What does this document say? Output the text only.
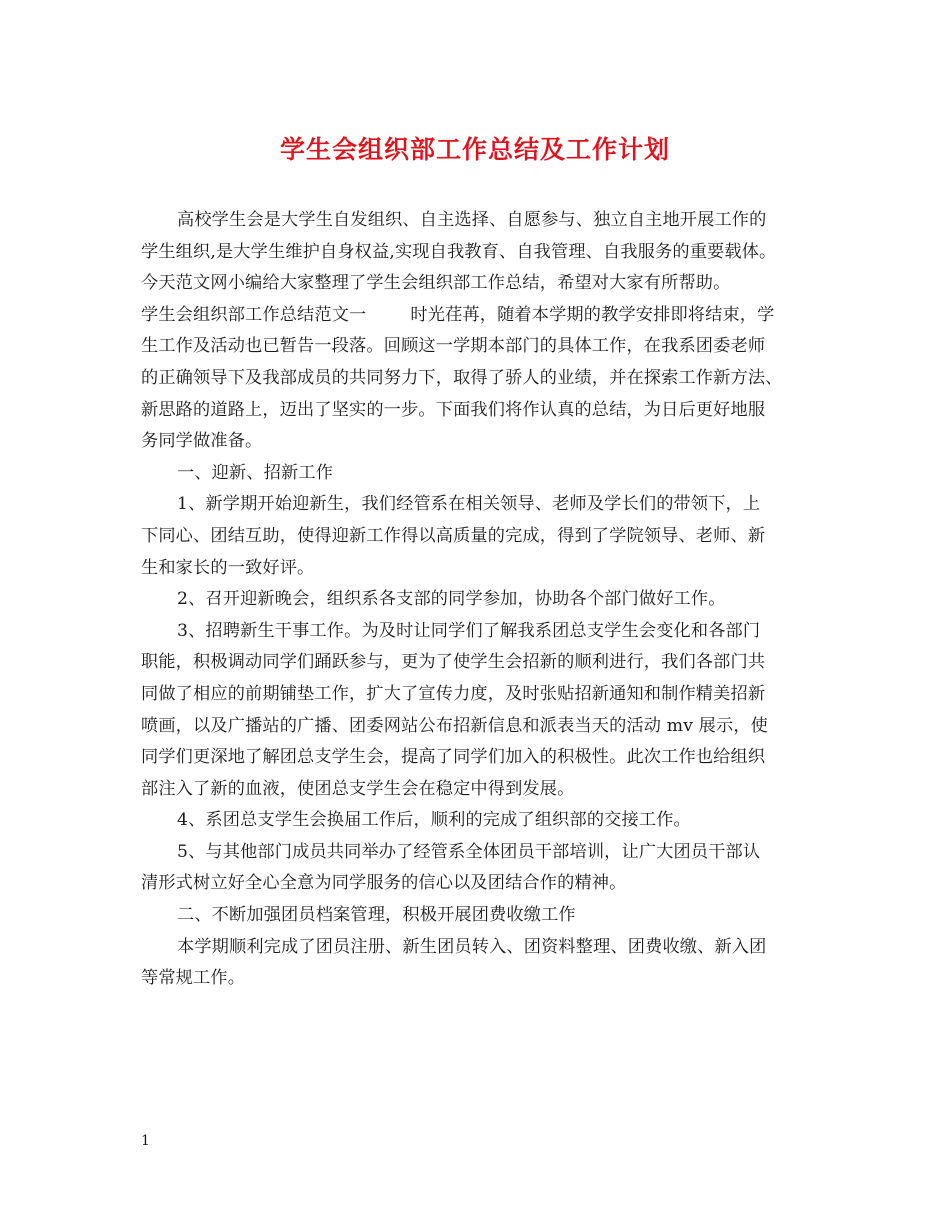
学生会组织部工作总结及工作计划
高校学生会是大学生自发组织、自主选择、自愿参与、独立自主地开展工作的
学生组织,是大学生维护自身权益,实现自我教育、自我管理、自我服务的重要载体。
今天范文网小编给大家整理了学生会组织部工作总结，希望对大家有所帮助。
学生会组织部工作总结范文一	时光荏苒，随着本学期的教学安排即将结束，学
生工作及活动也已暂告一段落。回顾这一学期本部门的具体工作，在我系团委老师
的正确领导下及我部成员的共同努力下，取得了骄人的业绩，并在探索工作新方法、
新思路的道路上，迈出了坚实的一步。下面我们将作认真的总结，为日后更好地服
务同学做准备。
一、迎新、招新工作
1、新学期开始迎新生，我们经管系在相关领导、老师及学长们的带领下，上
下同心、团结互助，使得迎新工作得以高质量的完成，得到了学院领导、老师、新
生和家长的一致好评。
2、召开迎新晚会，组织系各支部的同学参加，协助各个部门做好工作。
3、招聘新生干事工作。为及时让同学们了解我系团总支学生会变化和各部门
职能，积极调动同学们踊跃参与，更为了使学生会招新的顺利进行，我们各部门共
同做了相应的前期铺垫工作，扩大了宣传力度，及时张贴招新通知和制作精美招新
喷画，以及广播站的广播、团委网站公布招新信息和派表当天的活动 mv 展示，使
同学们更深地了解团总支学生会，提高了同学们加入的积极性。此次工作也给组织
部注入了新的血液，使团总支学生会在稳定中得到发展。
4、系团总支学生会换届工作后，顺利的完成了组织部的交接工作。
5、与其他部门成员共同举办了经管系全体团员干部培训，让广大团员干部认
清形式树立好全心全意为同学服务的信心以及团结合作的精神。
二、不断加强团员档案管理，积极开展团费收缴工作
本学期顺利完成了团员注册、新生团员转入、团资料整理、团费收缴、新入团
等常规工作。
1
